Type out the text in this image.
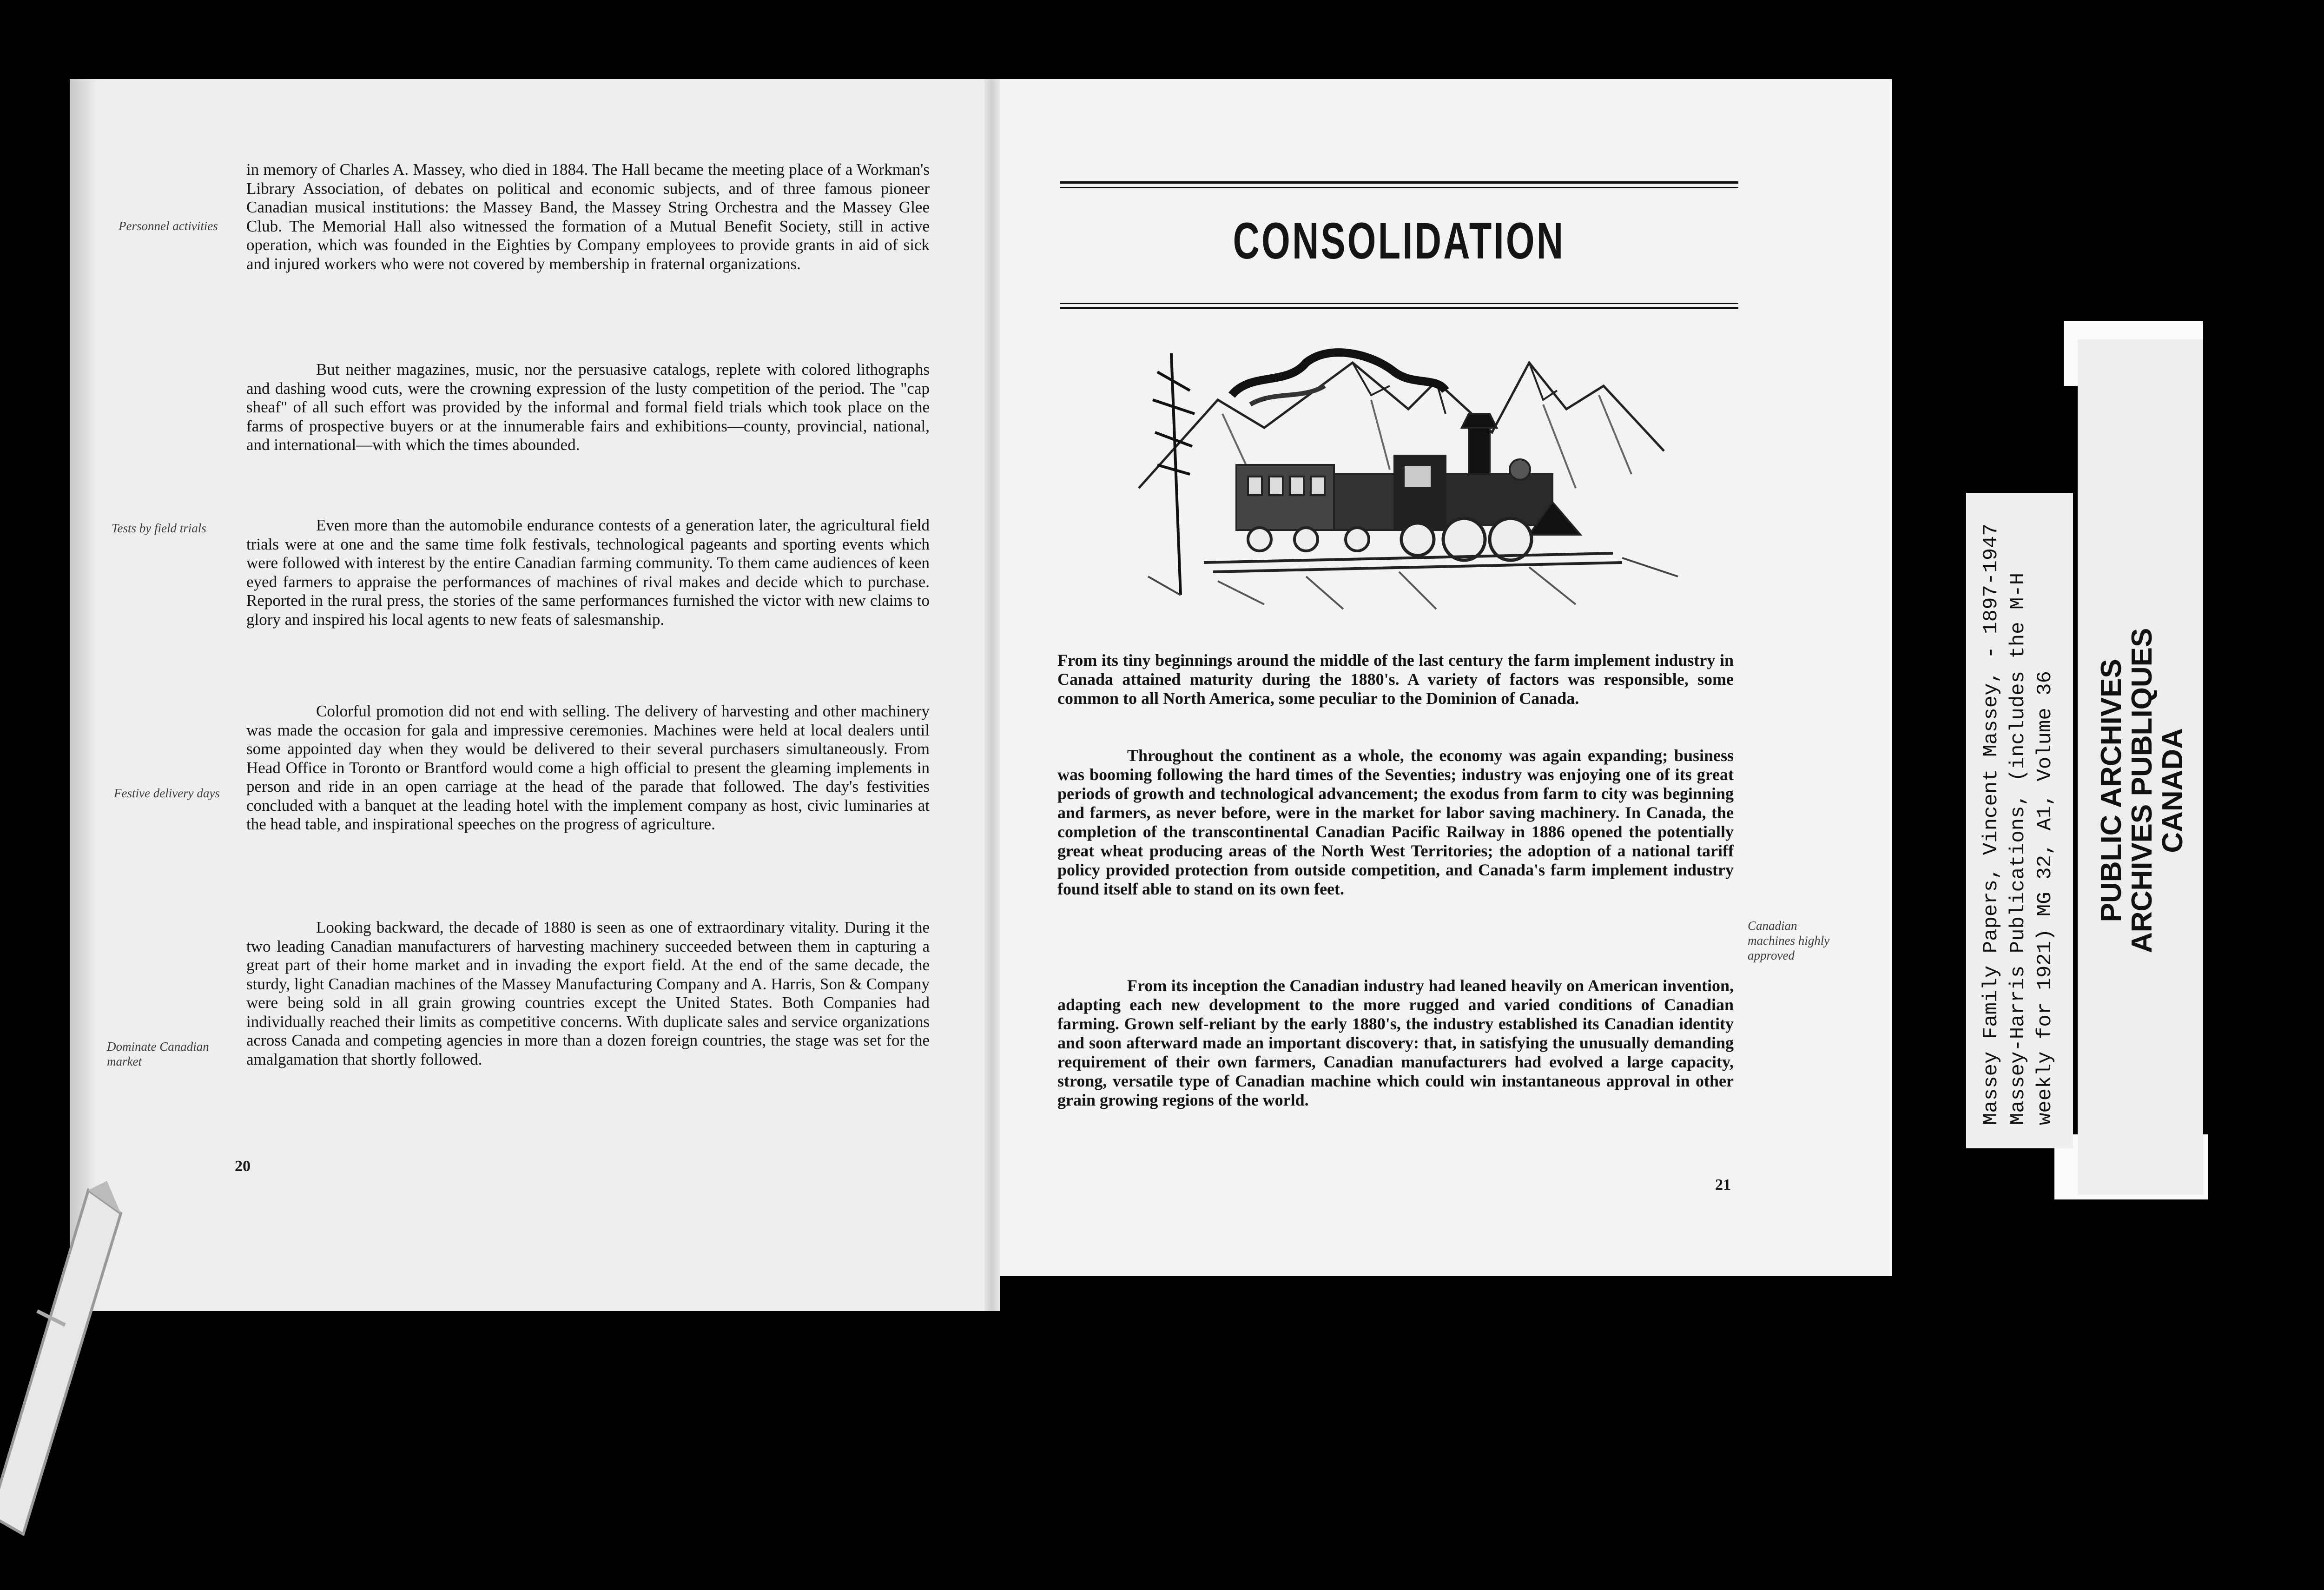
in memory of Charles A. Massey, who died in 1884. The Hall became the meeting place of a Workman's Library Association, of debates on political and economic subjects, and of three famous pioneer Canadian musical institutions: the Massey Band, the Massey String Orchestra and the Massey Glee Club. The Memorial Hall also witnessed the formation of a Mutual Benefit Society, still in active operation, which was founded in the Eighties by Company employees to provide grants in aid of sick and injured workers who were not covered by membership in fraternal organizations.

But neither magazines, music, nor the persuasive catalogs, replete with colored lithographs and dashing wood cuts, were the crowning expression of the lusty competition of the period. The "cap sheaf" of all such effort was provided by the informal and formal field trials which took place on the farms of prospective buyers or at the innumerable fairs and exhibitions—county, provincial, national, and international—with which the times abounded.

Even more than the automobile endurance contests of a generation later, the agricultural field trials were at one and the same time folk festivals, technological pageants and sporting events which were followed with interest by the entire Canadian farming community. To them came audiences of keen eyed farmers to appraise the performances of machines of rival makes and decide which to purchase. Reported in the rural press, the stories of the same performances furnished the victor with new claims to glory and inspired his local agents to new feats of salesmanship.

Colorful promotion did not end with selling. The delivery of harvesting and other machinery was made the occasion for gala and impressive ceremonies. Machines were held at local dealers until some appointed day when they would be delivered to their several purchasers simultaneously. From Head Office in Toronto or Brantford would come a high official to present the gleaming implements in person and ride in an open carriage at the head of the parade that followed. The day's festivities concluded with a banquet at the leading hotel with the implement company as host, civic luminaries at the head table, and inspirational speeches on the progress of agriculture.

Looking backward, the decade of 1880 is seen as one of extraordinary vitality. During it the two leading Canadian manufacturers of harvesting machinery succeeded between them in capturing a great part of their home market and in invading the export field. At the end of the same decade, the sturdy, light Canadian machines of the Massey Manufacturing Company and A. Harris, Son & Company were being sold in all grain growing countries except the United States. Both Companies had individually reached their limits as competitive concerns. With duplicate sales and service organizations across Canada and competing agencies in more than a dozen foreign countries, the stage was set for the amalgamation that shortly followed.

Personnel activities
Tests by field trials
Festive delivery days
Dominate Canadian market
20
CONSOLIDATION

From its tiny beginnings around the middle of the last century the farm implement industry in Canada attained maturity during the 1880's. A variety of factors was responsible, some common to all North America, some peculiar to the Dominion of Canada.

Throughout the continent as a whole, the economy was again expanding; business was booming following the hard times of the Seventies; industry was enjoying one of its great periods of growth and technological advancement; the exodus from farm to city was beginning and farmers, as never before, were in the market for labor saving machinery. In Canada, the completion of the transcontinental Canadian Pacific Railway in 1886 opened the potentially great wheat producing areas of the North West Territories; the adoption of a national tariff policy provided protection from outside competition, and Canada's farm implement industry found itself able to stand on its own feet.

From its inception the Canadian industry had leaned heavily on American invention, adapting each new development to the more rugged and varied conditions of Canadian farming. Grown self-reliant by the early 1880's, the industry established its Canadian identity and soon afterward made an important discovery: that, in satisfying the unusually demanding requirement of their own farmers, Canadian manufacturers had evolved a large capacity, strong, versatile type of Canadian machine which could win instantaneous approval in other grain growing regions of the world.

Canadian machines highly approved
21
Massey Family Papers, Vincent Massey, - 1897-1947 Massey-Harris Publications, (includes the M-H weekly for 1921) MG 32, A1, Volume 36 PUBLIC ARCHIVES
ARCHIVES PUBLIQUES
CANADA
